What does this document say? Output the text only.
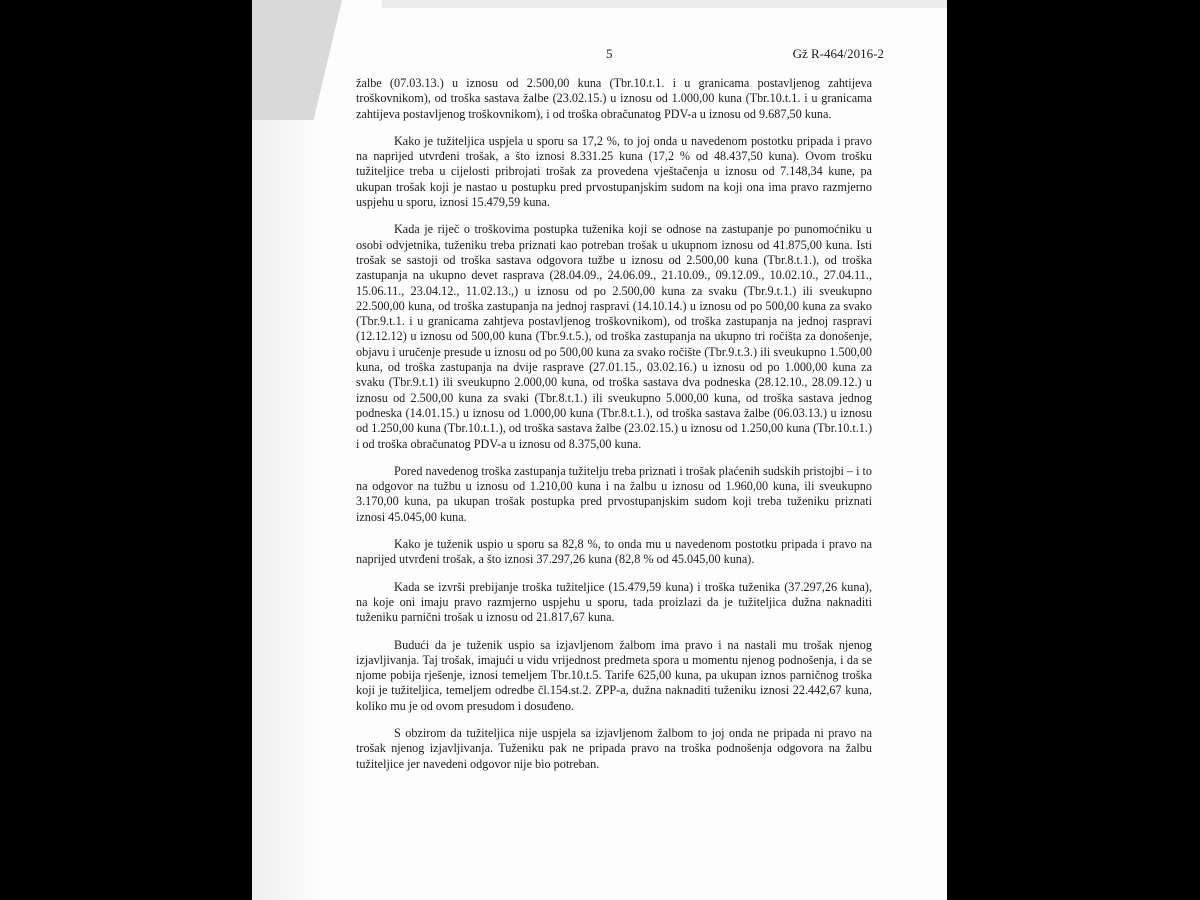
5	Gž R-464/2016-2

žalbe (07.03.13.) u iznosu od 2.500,00 kuna (Tbr.10.t.1. i u granicama postavljenog zahtijeva troškovnikom), od troška sastava žalbe (23.02.15.) u iznosu od 1.000,00 kuna (Tbr.10.t.1. i u granicama zahtijeva postavljenog troškovnikom), i od troška obračunatog PDV-a u iznosu od 9.687,50 kuna.

Kako je tužiteljica uspjela u sporu sa 17,2 %, to joj onda u navedenom postotku pripada i pravo na naprijed utvrđeni trošak, a što iznosi 8.331.25 kuna (17,2 % od 48.437,50 kuna). Ovom trošku tužiteljice treba u cijelosti pribrojati trošak za provedena vještačenja u iznosu od 7.148,34 kune, pa ukupan trošak koji je nastao u postupku pred prvostupanjskim sudom na koji ona ima pravo razmjerno uspjehu u sporu, iznosi 15.479,59 kuna.

Kada je riječ o troškovima postupka tuženika koji se odnose na zastupanje po punomoćniku u osobi odvjetnika, tuženiku treba priznati kao potreban trošak u ukupnom iznosu od 41.875,00 kuna. Isti trošak se sastoji od troška sastava odgovora tužbe u iznosu od 2.500,00 kuna (Tbr.8.t.1.), od troška zastupanja na ukupno devet rasprava (28.04.09., 24.06.09., 21.10.09., 09.12.09., 10.02.10., 27.04.11., 15.06.11., 23.04.12., 11.02.13.,) u iznosu od po 2.500,00 kuna za svaku (Tbr.9.t.1.) ili sveukupno 22.500,00 kuna, od troška zastupanja na jednoj raspravi (14.10.14.) u iznosu od po 500,00 kuna za svako (Tbr.9.t.1. i u granicama zahtjeva postavljenog troškovnikom), od troška zastupanja na jednoj raspravi (12.12.12) u iznosu od 500,00 kuna (Tbr.9.t.5.), od troška zastupanja na ukupno tri ročišta za donošenje, objavu i uručenje presude u iznosu od po 500,00 kuna za svako ročište (Tbr.9.t.3.) ili sveukupno 1.500,00 kuna, od troška zastupanja na dvije rasprave (27.01.15., 03.02.16.) u iznosu od po 1.000,00 kuna za svaku (Tbr.9.t.1) ili sveukupno 2.000,00 kuna, od troška sastava dva podneska (28.12.10., 28.09.12.) u iznosu od 2.500,00 kuna za svaki (Tbr.8.t.1.) ili sveukupno 5.000,00 kuna, od troška sastava jednog podneska (14.01.15.) u iznosu od 1.000,00 kuna (Tbr.8.t.1.), od troška sastava žalbe (06.03.13.) u iznosu od 1.250,00 kuna (Tbr.10.t.1.), od troška sastava žalbe (23.02.15.) u iznosu od 1.250,00 kuna (Tbr.10.t.1.) i od troška obračunatog PDV-a u iznosu od 8.375,00 kuna.

Pored navedenog troška zastupanja tužitelju treba priznati i trošak plaćenih sudskih pristojbi – i to na odgovor na tužbu u iznosu od 1.210,00 kuna i na žalbu u iznosu od 1.960,00 kuna, ili sveukupno 3.170,00 kuna, pa ukupan trošak postupka pred prvostupanjskim sudom koji treba tuženiku priznati iznosi 45.045,00 kuna.

Kako je tuženik uspio u sporu sa 82,8 %, to onda mu u navedenom postotku pripada i pravo na naprijed utvrđeni trošak, a što iznosi 37.297,26 kuna (82,8 % od 45.045,00 kuna).

Kada se izvrši prebijanje troška tužiteljice (15.479,59 kuna) i troška tuženika (37.297,26 kuna), na koje oni imaju pravo razmjerno uspjehu u sporu, tada proizlazi da je tužiteljica dužna naknaditi tuženiku parnični trošak u iznosu od 21.817,67 kuna.

Budući da je tuženik uspio sa izjavljenom žalbom ima pravo i na nastali mu trošak njenog izjavljivanja. Taj trošak, imajući u vidu vrijednost predmeta spora u momentu njenog podnošenja, i da se njome pobija rješenje, iznosi temeljem Tbr.10.t.5. Tarife 625,00 kuna, pa ukupan iznos parničnog troška koji je tužiteljica, temeljem odredbe čl.154.st.2. ZPP-a, dužna naknaditi tuženiku iznosi 22.442,67 kuna, koliko mu je od ovom presudom i dosuđeno.

S obzirom da tužiteljica nije uspjela sa izjavljenom žalbom to joj onda ne pripada ni pravo na trošak njenog izjavljivanja. Tuženiku pak ne pripada pravo na troška podnošenja odgovora na žalbu tužiteljice jer navedeni odgovor nije bio potreban.
